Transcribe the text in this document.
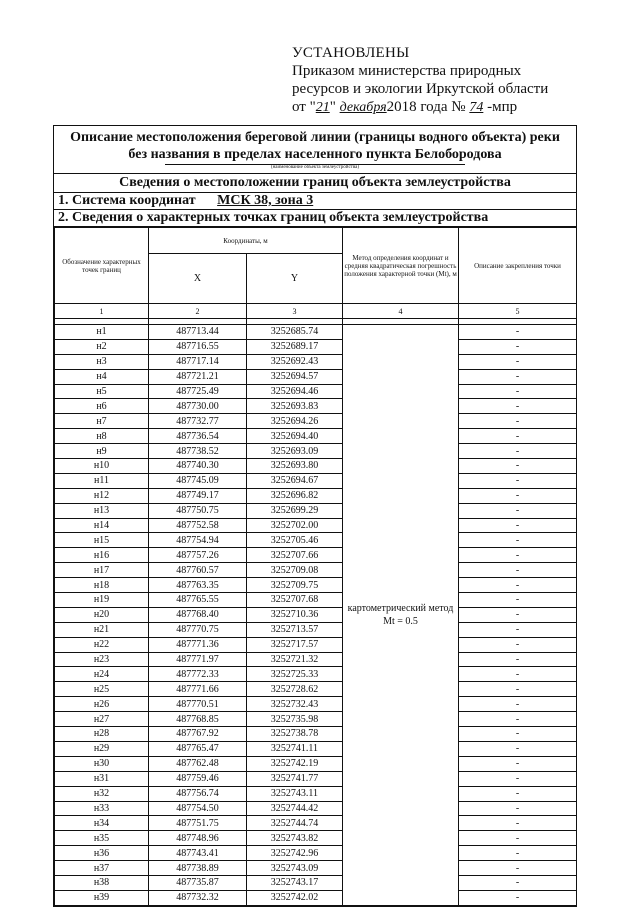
УСТАНОВЛЕНЫ
Приказом министерства природных
ресурсов и экологии Иркутской области
от "21" декабря2018 года № 74 -мпр
Описание местоположения береговой линии (границы водного объекта) реки без названия в пределах населенного пункта Белобородова
(наименование объекта землеустройства)
Сведения о местоположении границ объекта землеустройства
1. Система координат МСК 38, зона 3
2. Сведения о характерных точках границ объекта землеустройства
Обозначение характерных точек границ	Координаты, м		Метод определения координат и средняя квадратическая погрешность положения характерной точки (Mt), м	Описание закрепления точки
	X	Y		
1	2	3	4	5

н1	487713.44	3252685.74	картометрический метод Mt = 0.5	-
н2	487716.55	3252689.17		-
н3	487717.14	3252692.43		-
н4	487721.21	3252694.57		-
н5	487725.49	3252694.46		-
н6	487730.00	3252693.83		-
н7	487732.77	3252694.26		-
н8	487736.54	3252694.40		-
н9	487738.52	3252693.09		-
н10	487740.30	3252693.80		-
н11	487745.09	3252694.67		-
н12	487749.17	3252696.82		-
н13	487750.75	3252699.29		-
н14	487752.58	3252702.00		-
н15	487754.94	3252705.46		-
н16	487757.26	3252707.66		-
н17	487760.57	3252709.08		-
н18	487763.35	3252709.75		-
н19	487765.55	3252707.68		-
н20	487768.40	3252710.36		-
н21	487770.75	3252713.57		-
н22	487771.36	3252717.57		-
н23	487771.97	3252721.32		-
н24	487772.33	3252725.33		-
н25	487771.66	3252728.62		-
н26	487770.51	3252732.43		-
н27	487768.85	3252735.98		-
н28	487767.92	3252738.78		-
н29	487765.47	3252741.11		-
н30	487762.48	3252742.19		-
н31	487759.46	3252741.77		-
н32	487756.74	3252743.11		-
н33	487754.50	3252744.42		-
н34	487751.75	3252744.74		-
н35	487748.96	3252743.82		-
н36	487743.41	3252742.96		-
н37	487738.89	3252743.09		-
н38	487735.87	3252743.17		-
н39	487732.32	3252742.02		-
